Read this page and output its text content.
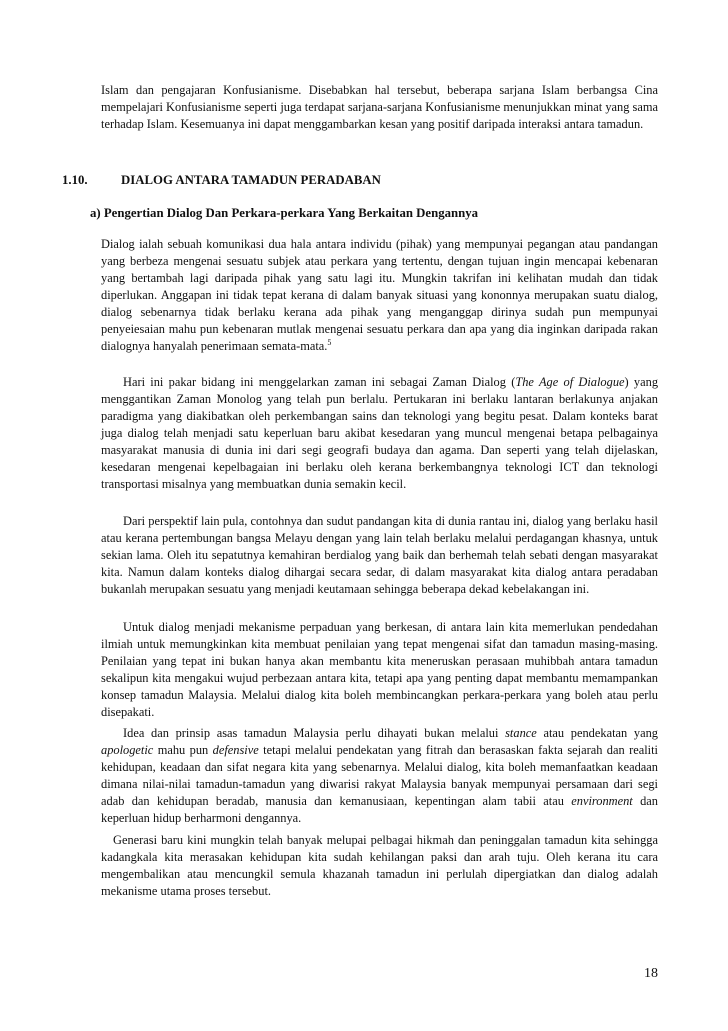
Islam dan pengajaran Konfusianisme. Disebabkan hal tersebut, beberapa sarjana Islam berbangsa Cina mempelajari Konfusianisme seperti juga terdapat sarjana-sarjana Konfusianisme menunjukkan minat yang sama terhadap Islam. Kesemuanya ini dapat menggambarkan kesan yang positif daripada interaksi antara tamadun.

1.10.	DIALOG ANTARA TAMADUN PERADABAN

a) Pengertian Dialog Dan Perkara-perkara Yang Berkaitan Dengannya

Dialog ialah sebuah komunikasi dua hala antara individu (pihak) yang mempunyai pegangan atau pandangan yang berbeza mengenai sesuatu subjek atau perkara yang tertentu, dengan tujuan ingin mencapai kebenaran yang bertambah lagi daripada pihak yang satu lagi itu. Mungkin takrifan ini kelihatan mudah dan tidak diperlukan. Anggapan ini tidak tepat kerana di dalam banyak situasi yang kononnya merupakan suatu dialog, dialog sebenarnya tidak berlaku kerana ada pihak yang menganggap dirinya sudah pun mempunyai penyeiesaian mahu pun kebenaran mutlak mengenai sesuatu perkara dan apa yang dia inginkan daripada rakan dialognya hanyalah penerimaan semata-mata.$^5$

Hari ini pakar bidang ini menggelarkan zaman ini sebagai Zaman Dialog (The Age of Dialogue) yang menggantikan Zaman Monolog yang telah pun berlalu. Pertukaran ini berlaku lantaran berlakunya anjakan paradigma yang diakibatkan oleh perkembangan sains dan teknologi yang begitu pesat. Dalam konteks barat juga dialog telah menjadi satu keperluan baru akibat kesedaran yang muncul mengenai betapa pelbagainya masyarakat manusia di dunia ini dari segi geografi budaya dan agama. Dan seperti yang telah dijelaskan, kesedaran mengenai kepelbagaian ini berlaku oleh kerana berkembangnya teknologi ICT dan teknologi transportasi misalnya yang membuatkan dunia semakin kecil.

Dari perspektif lain pula, contohnya dan sudut pandangan kita di dunia rantau ini, dialog yang berlaku hasil atau kerana pertembungan bangsa Melayu dengan yang lain telah berlaku melalui perdagangan khasnya, untuk sekian lama. Oleh itu sepatutnya kemahiran berdialog yang baik dan berhemah telah sebati dengan masyarakat kita. Namun dalam konteks dialog dihargai secara sedar, di dalam masyarakat kita dialog antara peradaban bukanlah merupakan sesuatu yang menjadi keutamaan sehingga beberapa dekad kebelakangan ini.

Untuk dialog menjadi mekanisme perpaduan yang berkesan, di antara lain kita memerlukan pendedahan ilmiah untuk memungkinkan kita membuat penilaian yang tepat mengenai sifat dan tamadun masing-masing. Penilaian yang tepat ini bukan hanya akan membantu kita meneruskan perasaan muhibbah antara tamadun sekalipun kita mengakui wujud perbezaan antara kita, tetapi apa yang penting dapat membantu memampankan konsep tamadun Malaysia. Melalui dialog kita boleh membincangkan perkara-perkara yang boleh atau perlu disepakati.

Idea dan prinsip asas tamadun Malaysia perlu dihayati bukan melalui stance atau pendekatan yang apologetic mahu pun defensive tetapi melalui pendekatan yang fitrah dan berasaskan fakta sejarah dan realiti kehidupan, keadaan dan sifat negara kita yang sebenarnya. Melalui dialog, kita boleh memanfaatkan keadaan dimana nilai-nilai tamadun-tamadun yang diwarisi rakyat Malaysia banyak mempunyai persamaan dari segi adab dan kehidupan beradab, manusia dan kemanusiaan, kepentingan alam tabii atau environment dan keperluan hidup berharmoni dengannya.

Generasi baru kini mungkin telah banyak melupai pelbagai hikmah dan peninggalan tamadun kita sehingga kadangkala kita merasakan kehidupan kita sudah kehilangan paksi dan arah tuju. Oleh kerana itu cara mengembalikan atau mencungkil semula khazanah tamadun ini perlulah dipergiatkan dan dialog adalah mekanisme utama proses tersebut.

18
